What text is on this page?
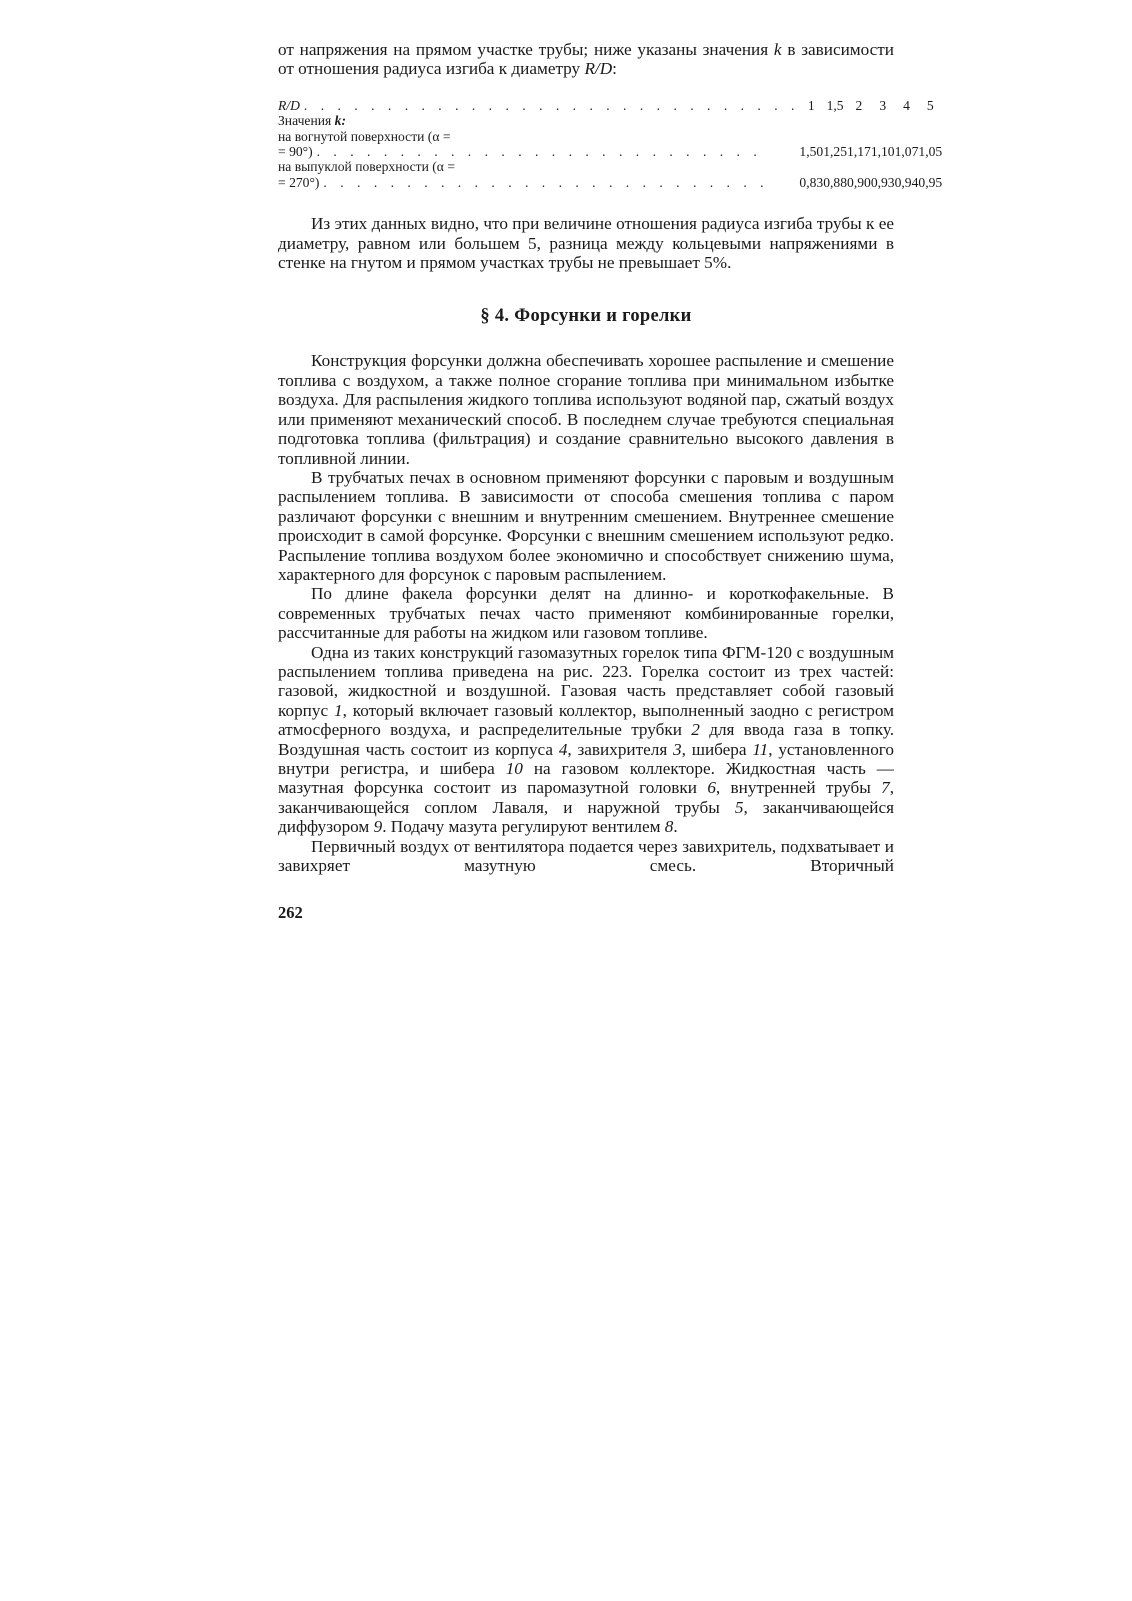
от напряжения на прямом участке трубы; ниже указаны значения k в зависимости от отношения радиуса изгиба к диаметру R/D:

R/D . . . . . . . . . . . . . . . . . . . . . . . . . . . . . .	1	1,5	2	3	4	5
Значения k:						
на вогнутой поверхности (α =						

= 90°) . . . . . . . . . . . . . . . . . . . . . . . . . . .	1,50	1,25	1,17	1,10	1,07	1,05
на выпуклой поверхности (α =						

= 270°) . . . . . . . . . . . . . . . . . . . . . . . . . . .	0,83	0,88	0,90	0,93	0,94	0,95

Из этих данных видно, что при величине отношения радиуса изгиба трубы к ее диаметру, равном или большем 5, разница между кольцевыми напряжениями в стенке на гнутом и прямом участках трубы не превышает 5%.

§ 4. Форсунки и горелки

Конструкция форсунки должна обеспечивать хорошее распыление и смешение топлива с воздухом, а также полное сгорание топлива при минимальном избытке воздуха. Для распыления жидкого топлива используют водяной пар, сжатый воздух или применяют механический способ. В последнем случае требуются специальная подготовка топлива (фильтрация) и создание сравнительно высокого давления в топливной линии.

В трубчатых печах в основном применяют форсунки с паровым и воздушным распылением топлива. В зависимости от способа смешения топлива с паром различают форсунки с внешним и внутренним смешением. Внутреннее смешение происходит в самой форсунке. Форсунки с внешним смешением используют редко. Распыление топлива воздухом более экономично и способствует снижению шума, характерного для форсунок с паровым распылением.

По длине факела форсунки делят на длинно- и короткофакельные. В современных трубчатых печах часто применяют комбинированные горелки, рассчитанные для работы на жидком или газовом топливе.

Одна из таких конструкций газомазутных горелок типа ФГМ-120 с воздушным распылением топлива приведена на рис. 223. Горелка состоит из трех частей: газовой, жидкостной и воздушной. Газовая часть представляет собой газовый корпус 1, который включает газовый коллектор, выполненный заодно с регистром атмосферного воздуха, и распределительные трубки 2 для ввода газа в топку. Воздушная часть состоит из корпуса 4, завихрителя 3, шибера 11, установленного внутри регистра, и шибера 10 на газовом коллекторе. Жидкостная часть — мазутная форсунка состоит из паромазутной головки 6, внутренней трубы 7, заканчивающейся соплом Лаваля, и наружной трубы 5, заканчивающейся диффузором 9. Подачу мазута регулируют вентилем 8.

Первичный воздух от вентилятора подается через завихритель, подхватывает и завихряет мазутную смесь. Вторичный

262
